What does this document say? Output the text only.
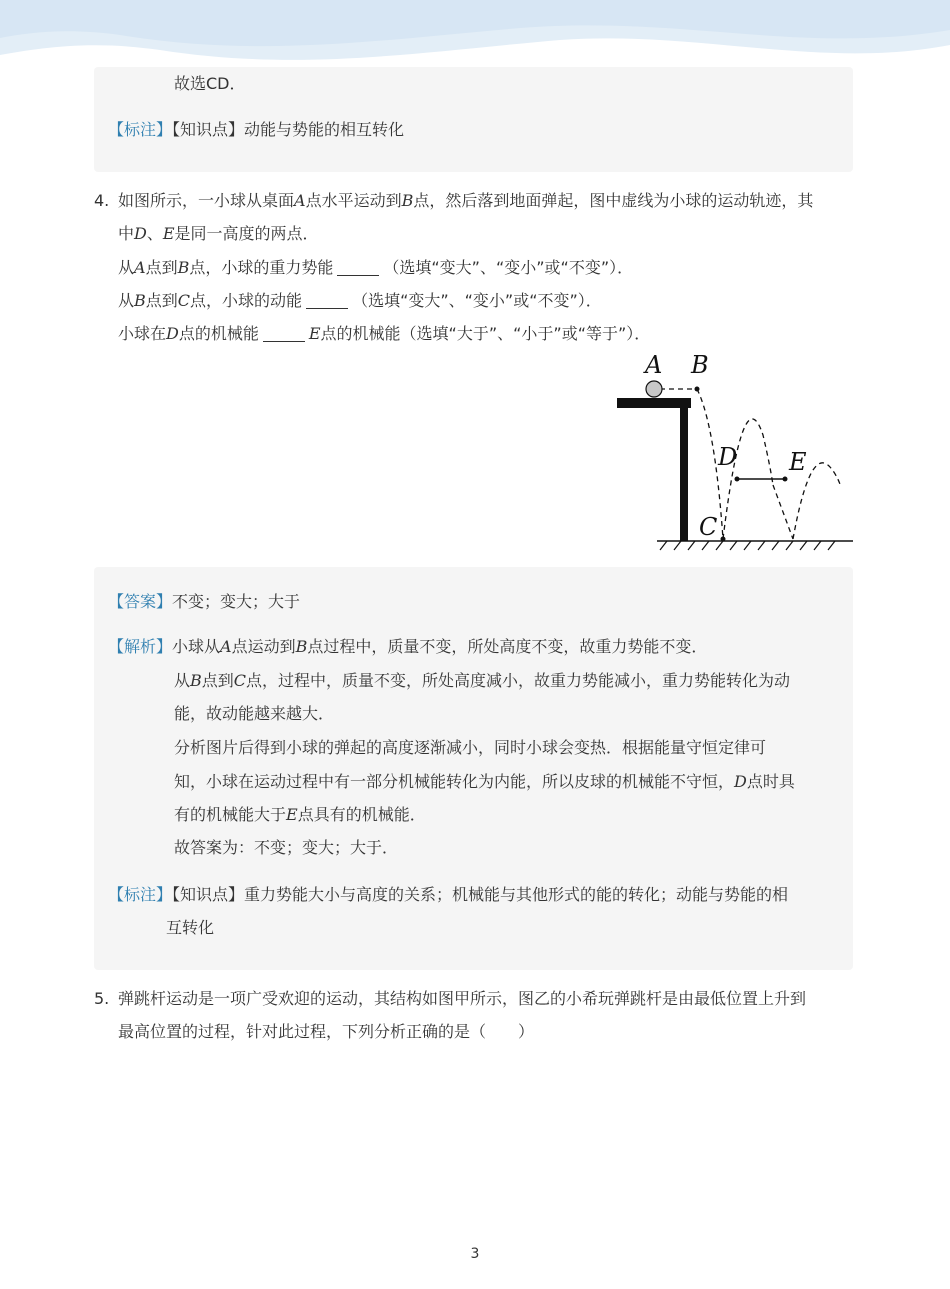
故选CD．
【标注】【知识点】动能与势能的相互转化
4. 如图所示，一小球从桌面A点水平运动到B点，然后落到地面弹起，图中虚线为小球的运动轨迹，其
中D、E是同一高度的两点．
从A点到B点，小球的重力势能	（选填“变大”、“变小”或“不变”）．
从B点到C点，小球的动能	（选填“变大”、“变小”或“不变”）．
小球在D点的机械能	E点的机械能（选填“大于”、“小于”或“等于”）．
A B
C
D E
【答案】不变；变大；大于
【解析】小球从A点运动到B点过程中，质量不变，所处高度不变，故重力势能不变．
从B点到C点，过程中，质量不变，所处高度减小，故重力势能减小，重力势能转化为动
能，故动能越来越大．
分析图片后得到小球的弹起的高度逐渐减小，同时小球会变热．根据能量守恒定律可
知，小球在运动过程中有一部分机械能转化为内能，所以皮球的机械能不守恒，D点时具
有的机械能大于E点具有的机械能．
故答案为：不变；变大；大于．
【标注】【知识点】重力势能大小与高度的关系；机械能与其他形式的能的转化；动能与势能的相
互转化
5. 弹跳杆运动是一项广受欢迎的运动，其结构如图甲所示，图乙的小希玩弹跳杆是由最低位置上升到
最高位置的过程，针对此过程，下列分析正确的是（　　）
3
